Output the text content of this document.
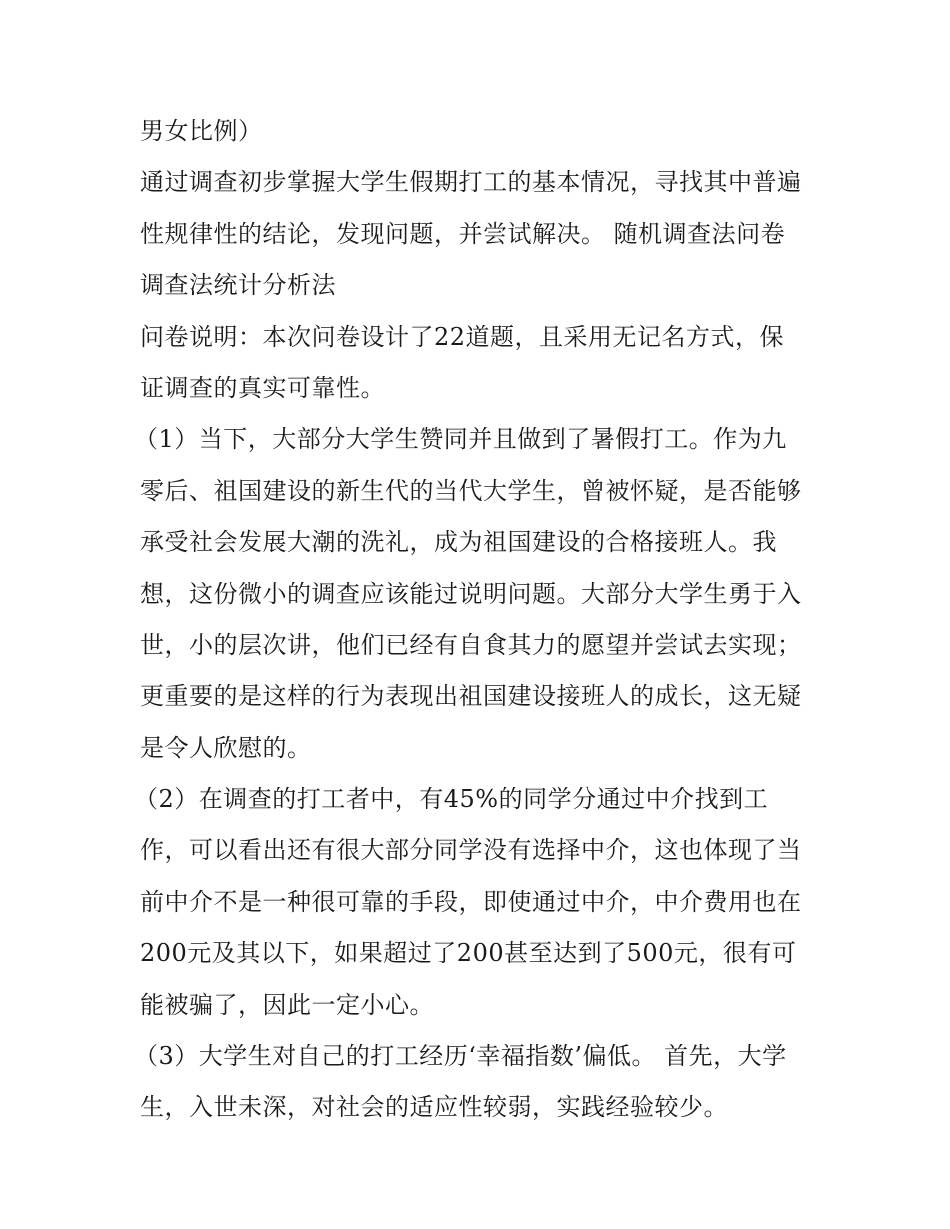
男女比例）
通过调查初步掌握大学生假期打工的基本情况，寻找其中普遍
性规律性的结论，发现问题，并尝试解决。 随机调查法问卷
调查法统计分析法
问卷说明：本次问卷设计了22道题，且采用无记名方式，保
证调查的真实可靠性。
（1）当下，大部分大学生赞同并且做到了暑假打工。作为九
零后、祖国建设的新生代的当代大学生，曾被怀疑，是否能够
承受社会发展大潮的洗礼，成为祖国建设的合格接班人。我
想，这份微小的调查应该能过说明问题。大部分大学生勇于入
世，小的层次讲，他们已经有自食其力的愿望并尝试去实现；
更重要的是这样的行为表现出祖国建设接班人的成长，这无疑
是令人欣慰的。
（2）在调查的打工者中，有45%的同学分通过中介找到工
作，可以看出还有很大部分同学没有选择中介，这也体现了当
前中介不是一种很可靠的手段，即使通过中介，中介费用也在
200元及其以下，如果超过了200甚至达到了500元，很有可
能被骗了，因此一定小心。
（3）大学生对自己的打工经历‘幸福指数’偏低。 首先，大学
生，入世未深，对社会的适应性较弱，实践经验较少。
